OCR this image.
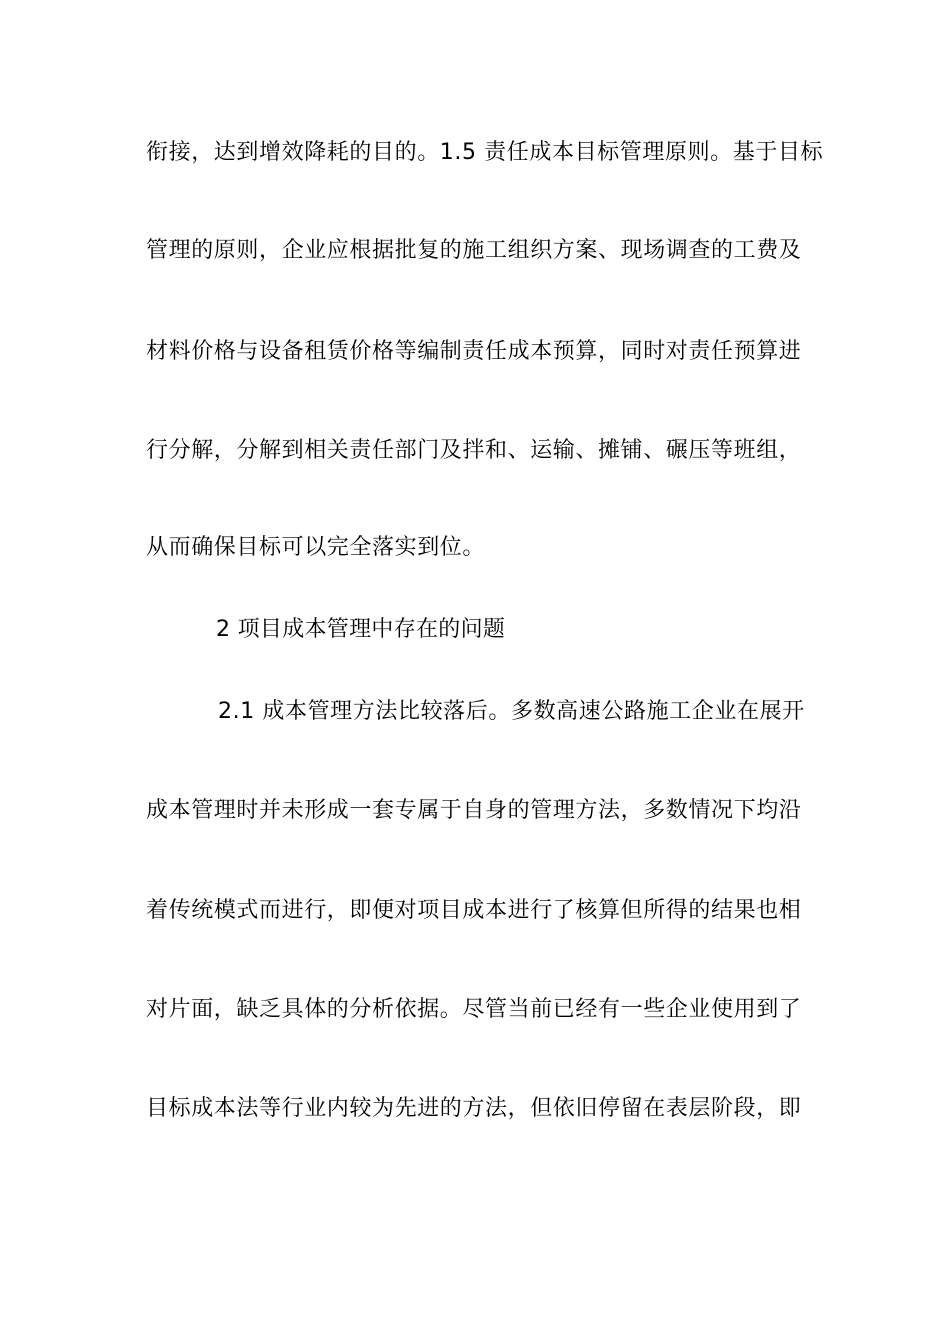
衔接，达到增效降耗的目的。1.5 责任成本目标管理原则。基于目标
管理的原则，企业应根据批复的施工组织方案、现场调查的工费及
材料价格与设备租赁价格等编制责任成本预算，同时对责任预算进
行分解，分解到相关责任部门及拌和、运输、摊铺、碾压等班组，
从而确保目标可以完全落实到位。
2 项目成本管理中存在的问题
2.1 成本管理方法比较落后。多数高速公路施工企业在展开
成本管理时并未形成一套专属于自身的管理方法，多数情况下均沿
着传统模式而进行，即便对项目成本进行了核算但所得的结果也相
对片面，缺乏具体的分析依据。尽管当前已经有一些企业使用到了
目标成本法等行业内较为先进的方法，但依旧停留在表层阶段，即
